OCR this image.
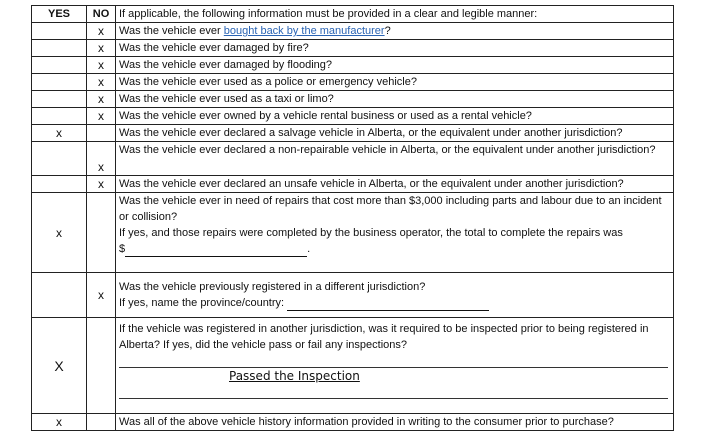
YES	NO	If applicable, the following information must be provided in a clear and legible manner:
	x	Was the vehicle ever bought back by the manufacturer?

	x	Was the vehicle ever damaged by fire?

	x	Was the vehicle ever damaged by flooding?

	x	Was the vehicle ever used as a police or emergency vehicle?

	x	Was the vehicle ever used as a taxi or limo?

	x	Was the vehicle ever owned by a vehicle rental business or used as a rental vehicle?

x		Was the vehicle ever declared a salvage vehicle in Alberta, or the equivalent under another jurisdiction?

	x	Was the vehicle ever declared a non-repairable vehicle in Alberta, or the equivalent under another jurisdiction?

	x	Was the vehicle ever declared an unsafe vehicle in Alberta, or the equivalent under another jurisdiction?

x		Was the vehicle ever in need of repairs that cost more than $3,000 including parts and labour due to an incident or collision?
If yes, and those repairs were completed by the business operator, the total to complete the repairs was
$ .
	x	Was the vehicle previously registered in a different jurisdiction?
If yes, name the province/country:
X		If the vehicle was registered in another jurisdiction, was it required to be inspected prior to being registered in Alberta? If yes, did the vehicle pass or fail any inspections?
Passed the Inspection

x		Was all of the above vehicle history information provided in writing to the consumer prior to purchase?
